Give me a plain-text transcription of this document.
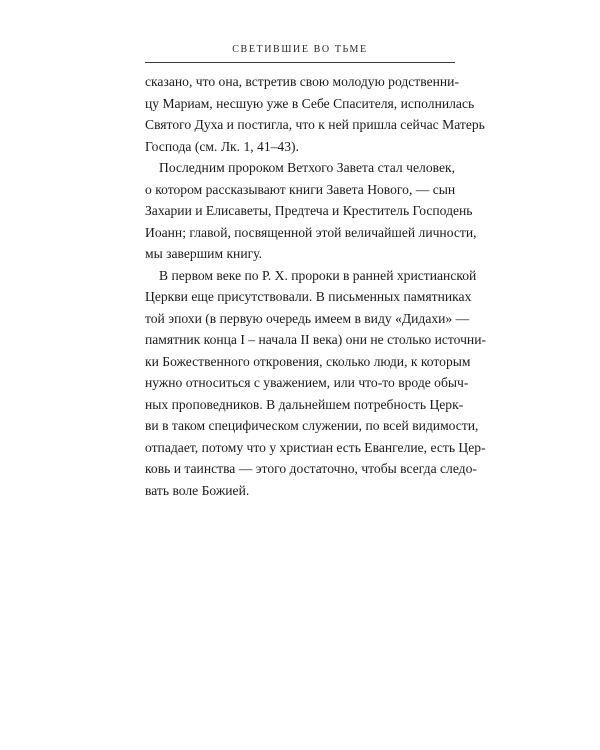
СВЕТИВШИЕ ВО ТЬМЕ
сказано, что она, встретив свою молодую родственни-
цу Мариам, несшую уже в Себе Спасителя, исполнилась
Святого Духа и постигла, что к ней пришла сейчас Матерь
Господа (см. Лк. 1, 41–43).
Последним пророком Ветхого Завета стал человек,
о котором рассказывают книги Завета Нового, — сын
Захарии и Елисаветы, Предтеча и Креститель Господень
Иоанн; главой, посвященной этой величайшей личности,
мы завершим книгу.
В первом веке по Р. Х. пророки в ранней христианской
Церкви еще присутствовали. В письменных памятниках
той эпохи (в первую очередь имеем в виду «Дидахи» —
памятник конца I – начала II века) они не столько источни-
ки Божественного откровения, сколько люди, к которым
нужно относиться с уважением, или что-то вроде обыч-
ных проповедников. В дальнейшем потребность Церк-
ви в таком специфическом служении, по всей видимости,
отпадает, потому что у христиан есть Евангелие, есть Цер-
ковь и таинства — этого достаточно, чтобы всегда следо-
вать воле Божией.
